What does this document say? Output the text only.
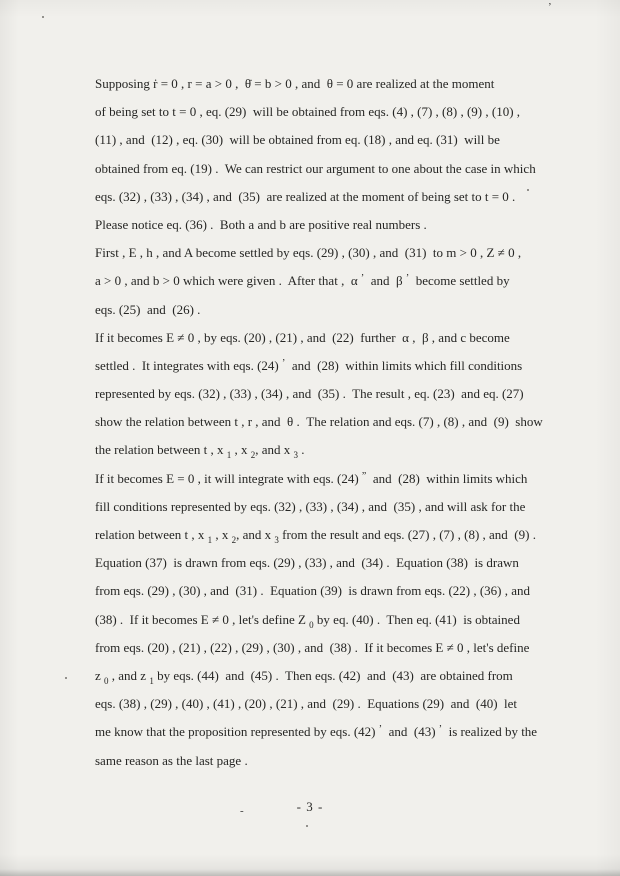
Supposing ṙ = 0 , r = a > 0 ,  θ̇ = b > 0 , and  θ = 0 are realized at the moment
of being set to t = 0 , eq. (29)  will be obtained from eqs. (4) , (7) , (8) , (9) , (10) ,
(11) , and  (12) , eq. (30)  will be obtained from eq. (18) , and eq. (31)  will be
obtained from eq. (19) .  We can restrict our argument to one about the case in which
eqs. (32) , (33) , (34) , and  (35)  are realized at the moment of being set to t = 0 .
Please notice eq. (36) .  Both a and b are positive real numbers .
First , E , h , and A become settled by eqs. (29) , (30) , and  (31)  to m > 0 , Z ≠ 0 ,
a > 0 , and b > 0 which were given .  After that ,  α ’  and  β ’  become settled by
eqs. (25)  and  (26) .
If it becomes E ≠ 0 , by eqs. (20) , (21) , and  (22)  further  α ,  β , and c become
settled .  It integrates with eqs. (24) ’  and  (28)  within limits which fill conditions
represented by eqs. (32) , (33) , (34) , and  (35) .  The result , eq. (23)  and eq. (27)
show the relation between t , r , and  θ .  The relation and eqs. (7) , (8) , and  (9)  show
the relation between t , x $_1$ , x $_2$, and x $_3$ .
If it becomes E = 0 , it will integrate with eqs. (24) ”  and  (28)  within limits which
fill conditions represented by eqs. (32) , (33) , (34) , and  (35) , and will ask for the
relation between t , x $_1$ , x $_2$, and x $_3$ from the result and eqs. (27) , (7) , (8) , and  (9) .
Equation (37)  is drawn from eqs. (29) , (33) , and  (34) .  Equation (38)  is drawn
from eqs. (29) , (30) , and  (31) .  Equation (39)  is drawn from eqs. (22) , (36) , and
(38) .  If it becomes E ≠ 0 , let's define Z $_0$ by eq. (40) .  Then eq. (41)  is obtained
from eqs. (20) , (21) , (22) , (29) , (30) , and  (38) .  If it becomes E ≠ 0 , let's define
z $_0$ , and z $_1$ by eqs. (44)  and  (45) .  Then eqs. (42)  and  (43)  are obtained from
eqs. (38) , (29) , (40) , (41) , (20) , (21) , and  (29) .  Equations (29)  and  (40)  let
me know that the proposition represented by eqs. (42) ’  and  (43) ’  is realized by the
same reason as the last page .
- 3 -
’
-
